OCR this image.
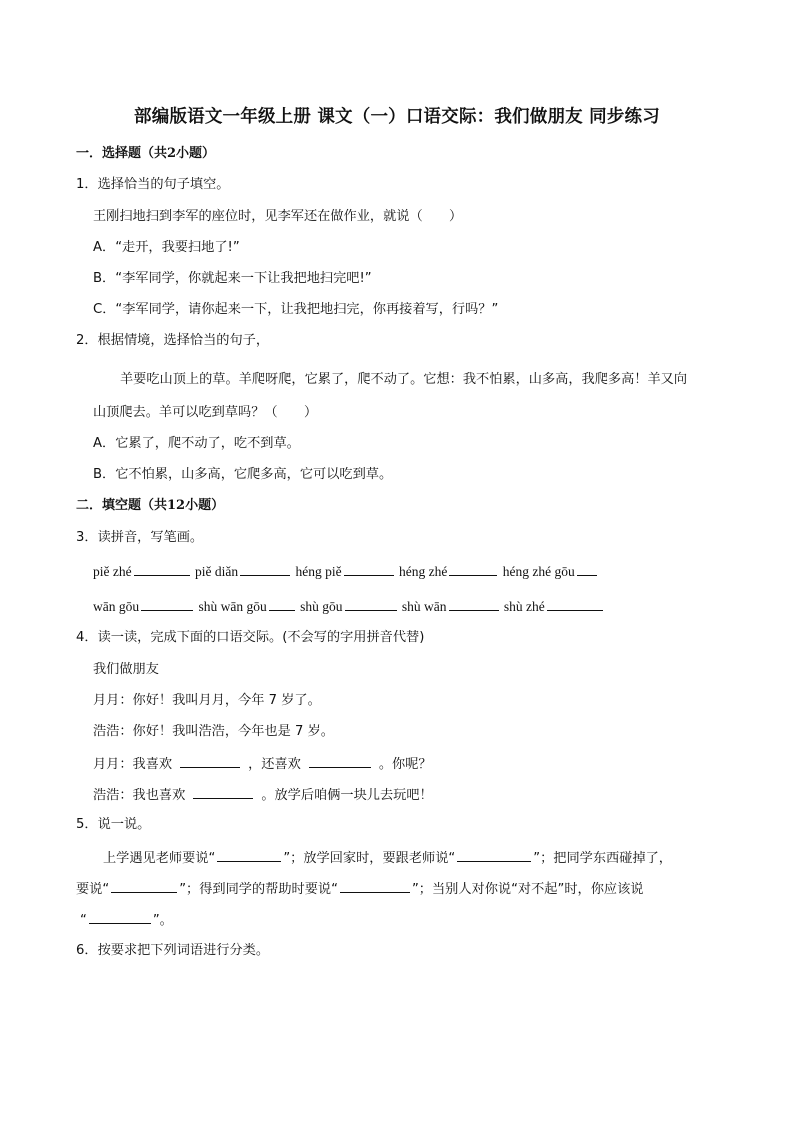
部编版语文一年级上册 课文（一）口语交际：我们做朋友 同步练习
一．选择题（共2小题）
1．选择恰当的句子填空。
王刚扫地扫到李军的座位时，见李军还在做作业，就说（　　）
A．“走开，我要扫地了!”
B．“李军同学，你就起来一下让我把地扫完吧!”
C．“李军同学，请你起来一下，让我把地扫完，你再接着写，行吗？”
2．根据情境，选择恰当的句子，
羊要吃山顶上的草。羊爬呀爬，它累了，爬不动了。它想：我不怕累，山多高，我爬多高！羊又向
山顶爬去。羊可以吃到草吗？（　　）
A．它累了，爬不动了，吃不到草。
B．它不怕累，山多高，它爬多高，它可以吃到草。
二．填空题（共12小题）
3．读拼音，写笔画。
piě zhé	piě diǎn	héng piě	héng zhé	héng zhé gōu
wān gōu	shù wān gōu shù gōu	shù wān	shù zhé
4．读一读，完成下面的口语交际。(不会写的字用拼音代替)
我们做朋友
月月：你好！我叫月月，今年 7 岁了。
浩浩：你好！我叫浩浩，今年也是 7 岁。
月月：我喜欢	，还喜欢	。你呢？
浩浩：我也喜欢	。放学后咱俩一块儿去玩吧！
5．说一说。
上学遇见老师要说“	”；放学回家时，要跟老师说“	”；把同学东西碰掉了，
要说“	”；得到同学的帮助时要说“	”；当别人对你说“对不起”时，你应该说
“	”。
6．按要求把下列词语进行分类。
